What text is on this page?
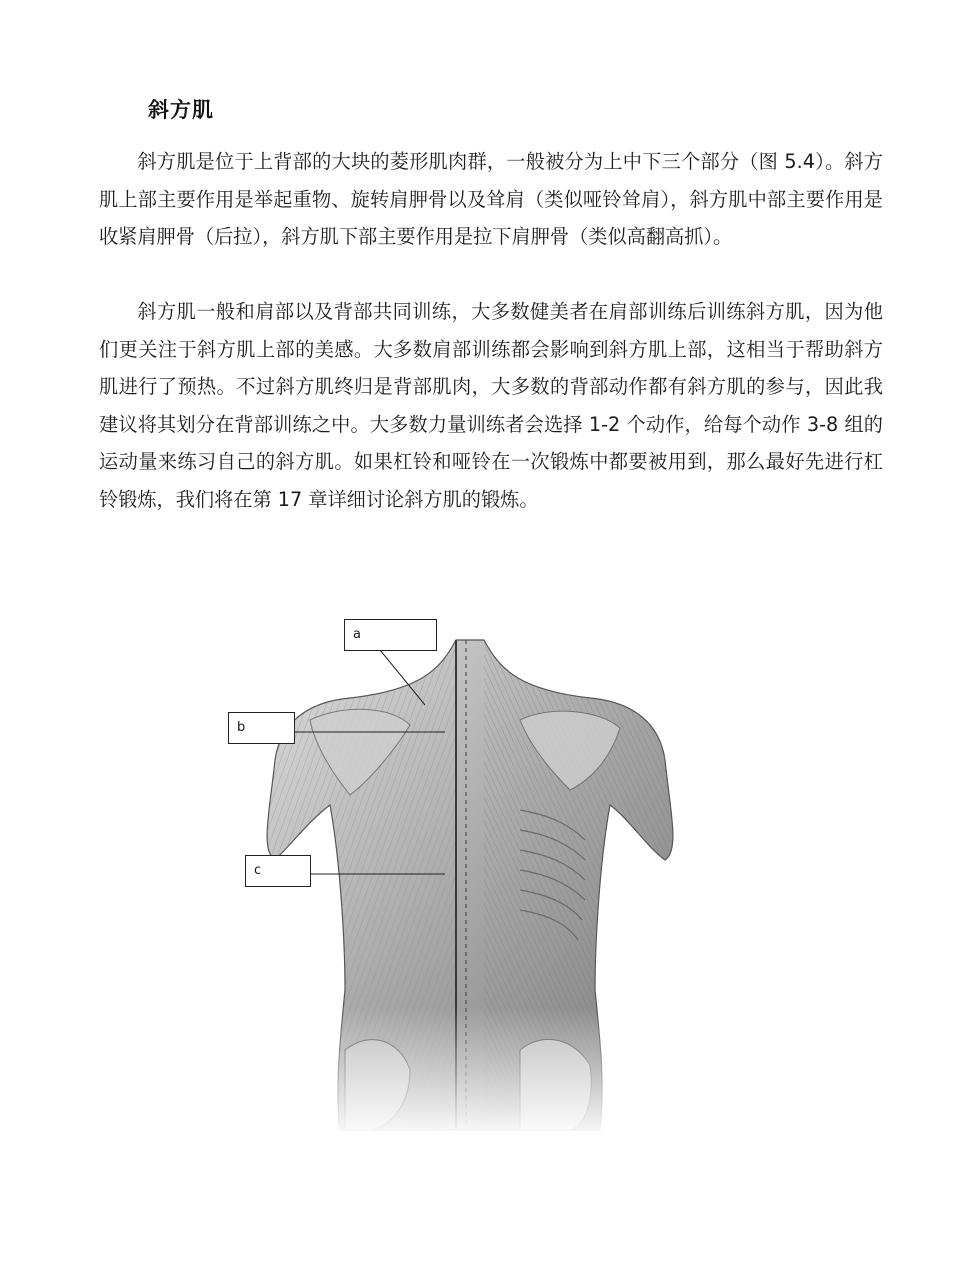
斜方肌

斜方肌是位于上背部的大块的菱形肌肉群，一般被分为上中下三个部分（图 5.4）。斜方肌上部主要作用是举起重物、旋转肩胛骨以及耸肩（类似哑铃耸肩），斜方肌中部主要作用是收紧肩胛骨（后拉），斜方肌下部主要作用是拉下肩胛骨（类似高翻高抓）。

斜方肌一般和肩部以及背部共同训练，大多数健美者在肩部训练后训练斜方肌，因为他们更关注于斜方肌上部的美感。大多数肩部训练都会影响到斜方肌上部，这相当于帮助斜方肌进行了预热。不过斜方肌终归是背部肌肉，大多数的背部动作都有斜方肌的参与，因此我建议将其划分在背部训练之中。大多数力量训练者会选择 1-2 个动作，给每个动作 3-8 组的运动量来练习自己的斜方肌。如果杠铃和哑铃在一次锻炼中都要被用到，那么最好先进行杠铃锻炼，我们将在第 17 章详细讨论斜方肌的锻炼。

a
b
c
